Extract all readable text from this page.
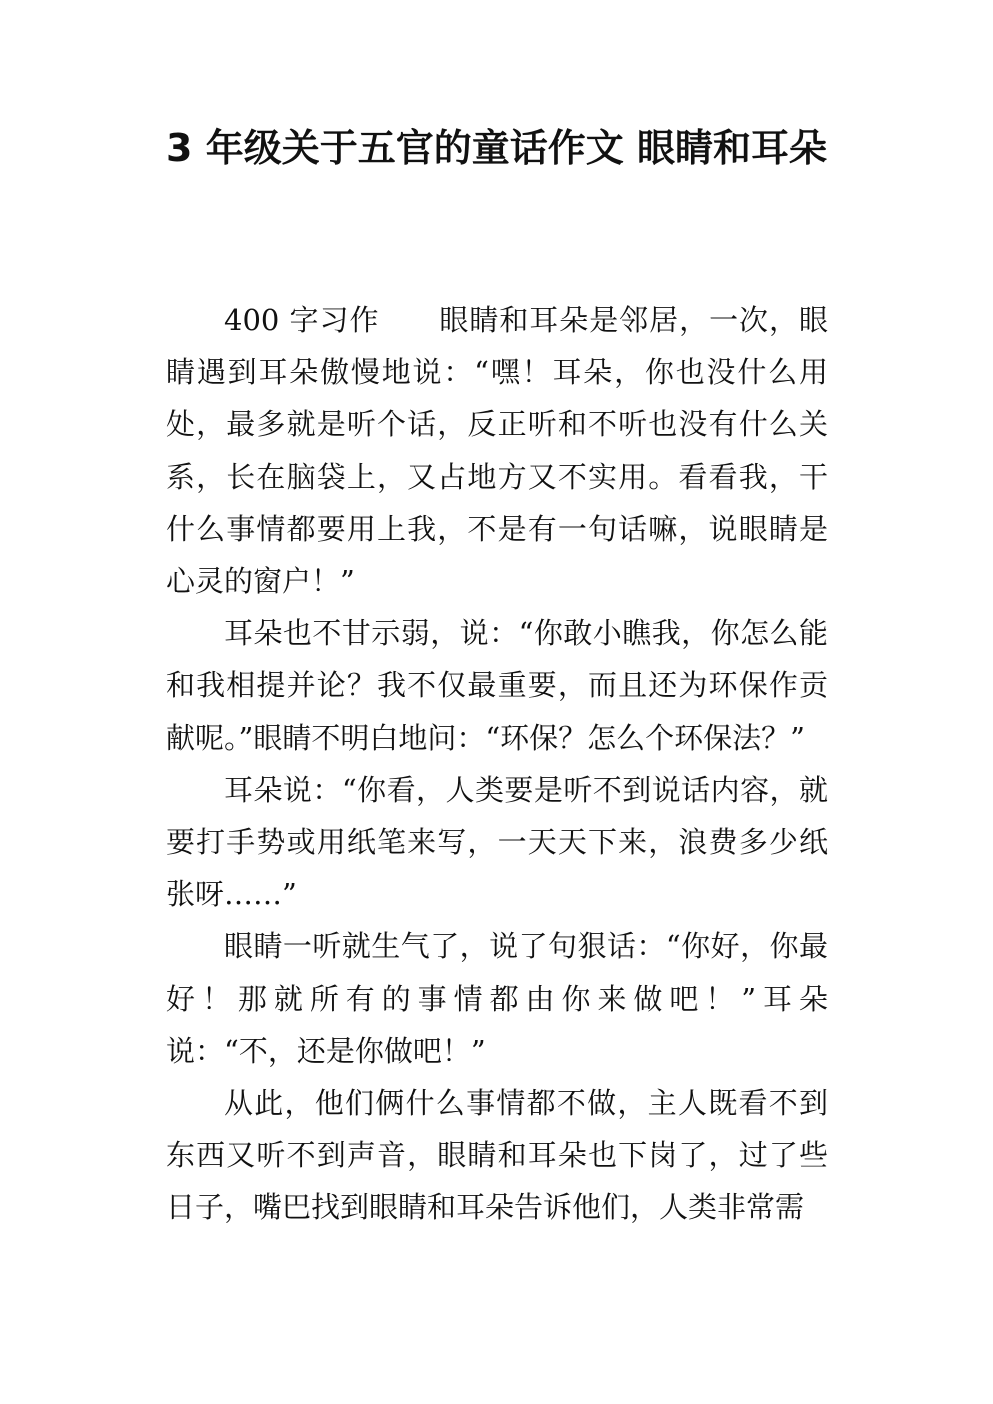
3 年级关于五官的童话作文 眼睛和耳朵

400 字习作　　眼睛和耳朵是邻居，一次，眼睛遇到耳朵傲慢地说：“嘿！耳朵，你也没什么用处，最多就是听个话，反正听和不听也没有什么关系，长在脑袋上，又占地方又不实用。看看我，干什么事情都要用上我，不是有一句话嘛，说眼睛是心灵的窗户！”

耳朵也不甘示弱，说：“你敢小瞧我，你怎么能和我相提并论？我不仅最重要，而且还为环保作贡献呢。”眼睛不明白地问：“环保？怎么个环保法？”

耳朵说：“你看，人类要是听不到说话内容，就要打手势或用纸笔来写，一天天下来，浪费多少纸张呀……”

眼睛一听就生气了，说了句狠话：“你好，你最好！那就所有的事情都由你来做吧！”耳朵说：“不，还是你做吧！”

从此，他们俩什么事情都不做，主人既看不到东西又听不到声音，眼睛和耳朵也下岗了，过了些日子，嘴巴找到眼睛和耳朵告诉他们，人类非常需
